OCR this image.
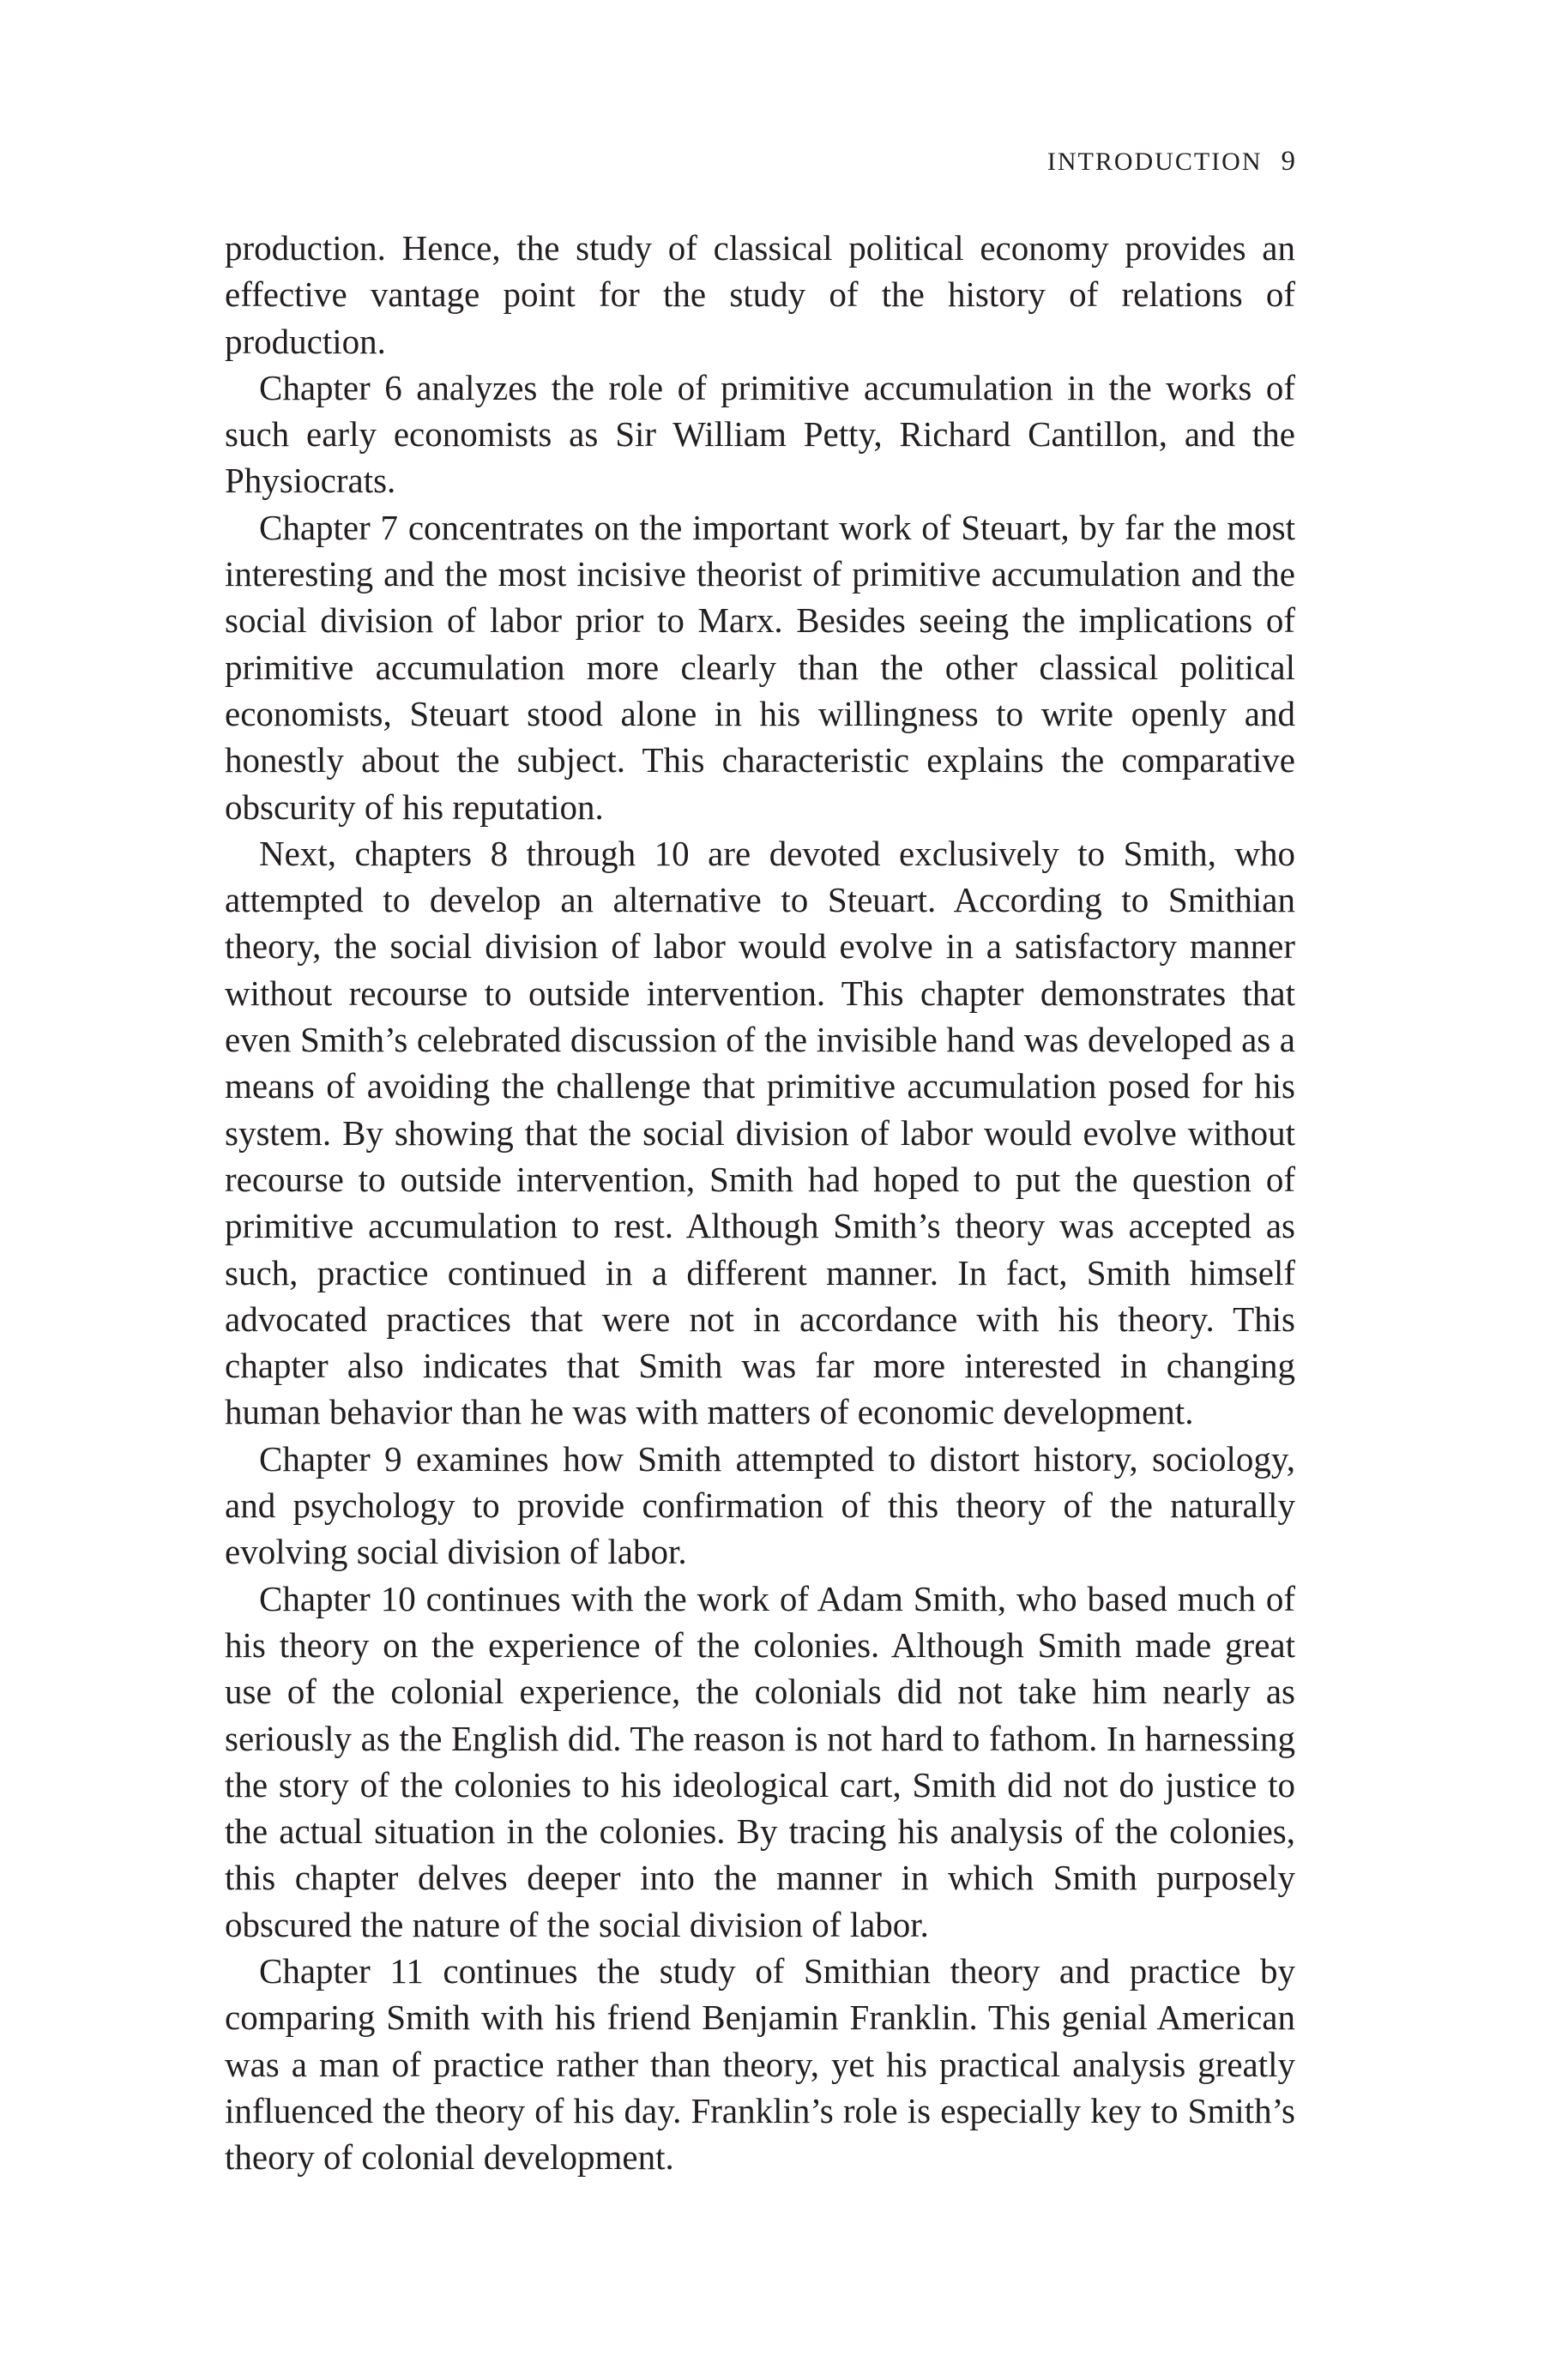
INTRODUCTION 9

production. Hence, the study of classical political economy provides an effective vantage point for the study of the history of relations of production.

Chapter 6 analyzes the role of primitive accumulation in the works of such early economists as Sir William Petty, Richard Cantillon, and the Physiocrats.

Chapter 7 concentrates on the important work of Steuart, by far the most interesting and the most incisive theorist of primitive accumulation and the social division of labor prior to Marx. Besides seeing the implications of primitive accumulation more clearly than the other classical political economists, Steuart stood alone in his willingness to write openly and honestly about the subject. This characteristic explains the comparative obscurity of his reputation.

Next, chapters 8 through 10 are devoted exclusively to Smith, who attempted to develop an alternative to Steuart. According to Smithian theory, the social division of labor would evolve in a satisfactory manner without recourse to outside intervention. This chapter demonstrates that even Smith’s celebrated discussion of the invisible hand was developed as a means of avoiding the challenge that primitive accumulation posed for his system. By showing that the social division of labor would evolve without recourse to outside intervention, Smith had hoped to put the question of primitive accumulation to rest. Although Smith’s theory was accepted as such, practice continued in a different manner. In fact, Smith himself advocated practices that were not in accordance with his theory. This chapter also indicates that Smith was far more interested in changing human behavior than he was with matters of economic development.

Chapter 9 examines how Smith attempted to distort history, sociology, and psychology to provide confirmation of this theory of the naturally evolving social division of labor.

Chapter 10 continues with the work of Adam Smith, who based much of his theory on the experience of the colonies. Although Smith made great use of the colonial experience, the colonials did not take him nearly as seriously as the English did. The reason is not hard to fathom. In harnessing the story of the colonies to his ideological cart, Smith did not do justice to the actual situation in the colonies. By tracing his analysis of the colonies, this chapter delves deeper into the manner in which Smith purposely obscured the nature of the social division of labor.

Chapter 11 continues the study of Smithian theory and practice by comparing Smith with his friend Benjamin Franklin. This genial American was a man of practice rather than theory, yet his practical analysis greatly influenced the theory of his day. Franklin’s role is especially key to Smith’s theory of colonial development.
